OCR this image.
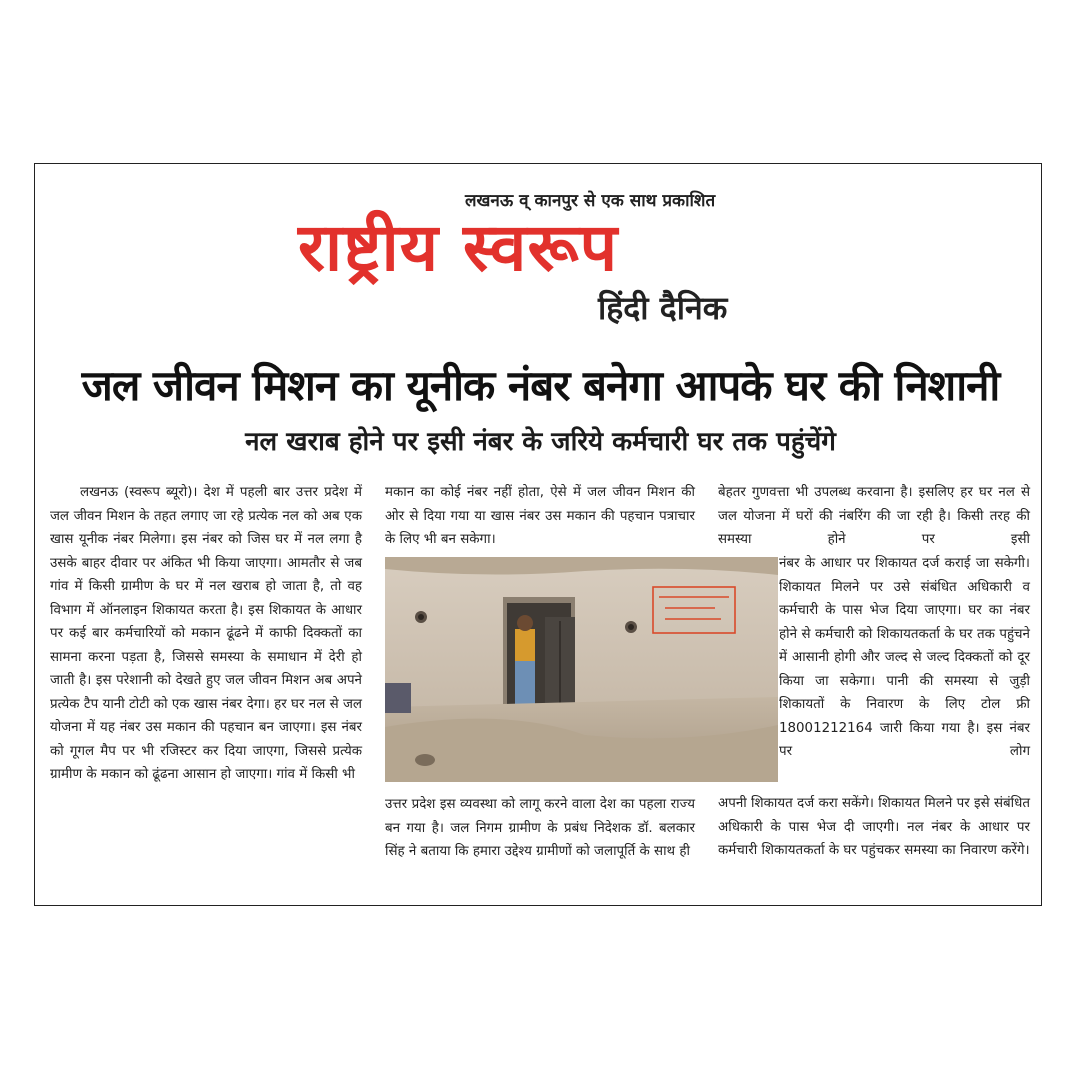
लखनऊ व् कानपुर से एक साथ प्रकाशित
राष्ट्रीय स्वरूप
हिंदी दैनिक
जल जीवन मिशन का यूनीक नंबर बनेगा आपके घर की निशानी
नल खराब होने पर इसी नंबर के जरिये कर्मचारी घर तक पहुंचेंगे

लखनऊ (स्वरूप ब्यूरो)। देश में पहली बार उत्तर प्रदेश में जल जीवन मिशन के तहत लगाए जा रहे प्रत्येक नल को अब एक खास यूनीक नंबर मिलेगा। इस नंबर को जिस घर में नल लगा है उसके बाहर दीवार पर अंकित भी किया जाएगा। आमतौर से जब गांव में किसी ग्रामीण के घर में नल खराब हो जाता है, तो वह विभाग में ऑनलाइन शिकायत करता है। इस शिकायत के आधार पर कई बार कर्मचारियों को मकान ढूंढने में काफी दिक्कतों का सामना करना पड़ता है, जिससे समस्या के समाधान में देरी हो जाती है। इस परेशानी को देखते हुए जल जीवन मिशन अब अपने प्रत्येक टैप यानी टोटी को एक खास नंबर देगा। हर घर नल से जल योजना में यह नंबर उस मकान की पहचान बन जाएगा। इस नंबर को गूगल मैप पर भी रजिस्टर कर दिया जाएगा, जिससे प्रत्येक ग्रामीण के मकान को ढूंढना आसान हो जाएगा। गांव में किसी भी

मकान का कोई नंबर नहीं होता, ऐसे में जल जीवन मिशन की ओर से दिया गया या खास नंबर उस मकान की पहचान पत्राचार के लिए भी बन सकेगा।

उत्तर प्रदेश इस व्यवस्था को लागू करने वाला देश का पहला राज्य बन गया है। जल निगम ग्रामीण के प्रबंध निदेशक डॉ. बलकार सिंह ने बताया कि हमारा उद्देश्य ग्रामीणों को जलापूर्ति के साथ ही

बेहतर गुणवत्ता भी उपलब्ध करवाना है। इसलिए हर घर नल से जल योजना में घरों की नंबरिंग की जा रही है। किसी तरह की समस्या होने पर इसी

नंबर के आधार पर शिकायत दर्ज कराई जा सकेगी। शिकायत मिलने पर उसे संबंधित अधिकारी व कर्मचारी के पास भेज दिया जाएगा। घर का नंबर होने से कर्मचारी को शिकायतकर्ता के घर तक पहुंचने में आसानी होगी और जल्द से जल्द दिक्कतों को दूर किया जा सकेगा। पानी की समस्या से जुड़ी शिकायतों के निवारण के लिए टोल फ्री 18001212164 जारी किया गया है। इस नंबर पर लोग

अपनी शिकायत दर्ज करा सकेंगे। शिकायत मिलने पर इसे संबंधित अधिकारी के पास भेज दी जाएगी। नल नंबर के आधार पर कर्मचारी शिकायतकर्ता के घर पहुंचकर समस्या का निवारण करेंगे।
